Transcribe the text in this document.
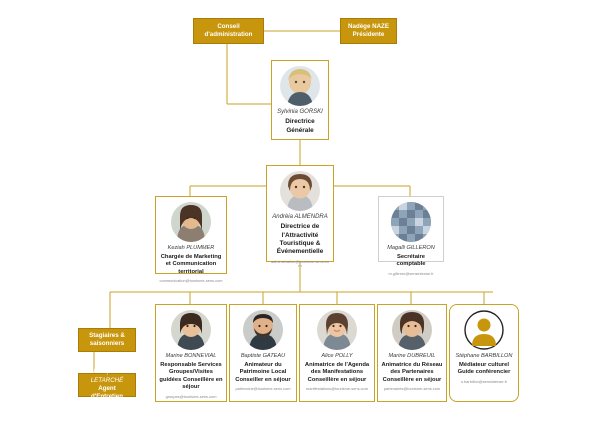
Conseil
d'administration
Nadège NAZE
Présidente
Stagiaires &
saisonniers
Françoise LETARCHÉ
Agent d'Entretien
Sylvinia GORSKI
Directrice Générale
Andrèia ALMENDRA
Directrice de l'Attractivité Touristique & Événementielle
administration@tourisme-sens.com
Keziah PLUMMER
Chargée de Marketing et Communication territorial
communication@tourisme-sens.com
Magalli GILLERON
Secrétaire comptable
m.gilleron@sensintense.fr
Marine BONNEVIAL
Responsable Services Groupes/Visites guidées Conseillère en séjour
groupes@tourisme-sens.com
Baptiste GATEAU
Animateur du Patrimoine Local Conseiller en séjour
patrimoine@tourisme-sens.com
Alice POLLY
Animatrice de l'Agenda des Manifestations Conseillère en séjour
manifestations@tourisme-sens.com
Marine DUBREUIL
Animatrice du Réseau des Partenaires Conseillère en séjour
partenaires@tourisme-sens.com
Stéphane BARBILLON
Médiateur culturel Guide conférencier
s.barbillon@sensintense.fr
